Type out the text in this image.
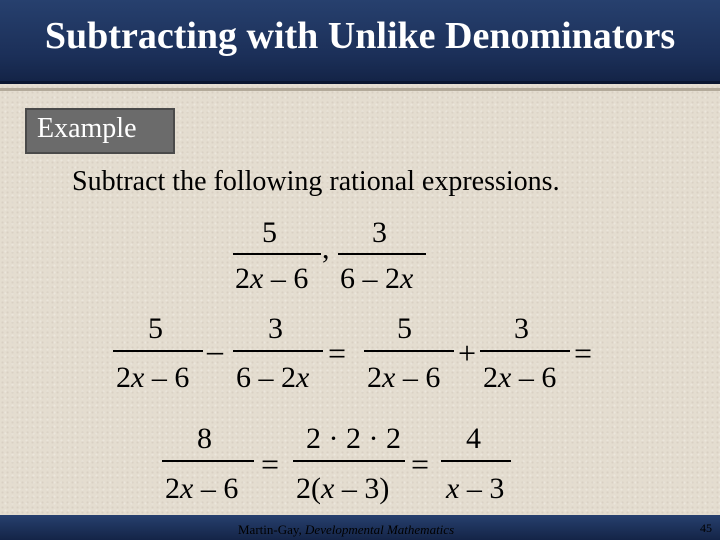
Subtracting with Unlike Denominators
Example
Subtract the following rational expressions.
5
2x – 6
, 3
6 – 2x
5
2x – 6
–
3
6 – 2x
=
5
2x – 6
+
3
2x – 6
=
8
2x – 6
=
2 · 2 · 2
2(x – 3)
=
4
x – 3
Martin-Gay, Developmental Mathematics	45
